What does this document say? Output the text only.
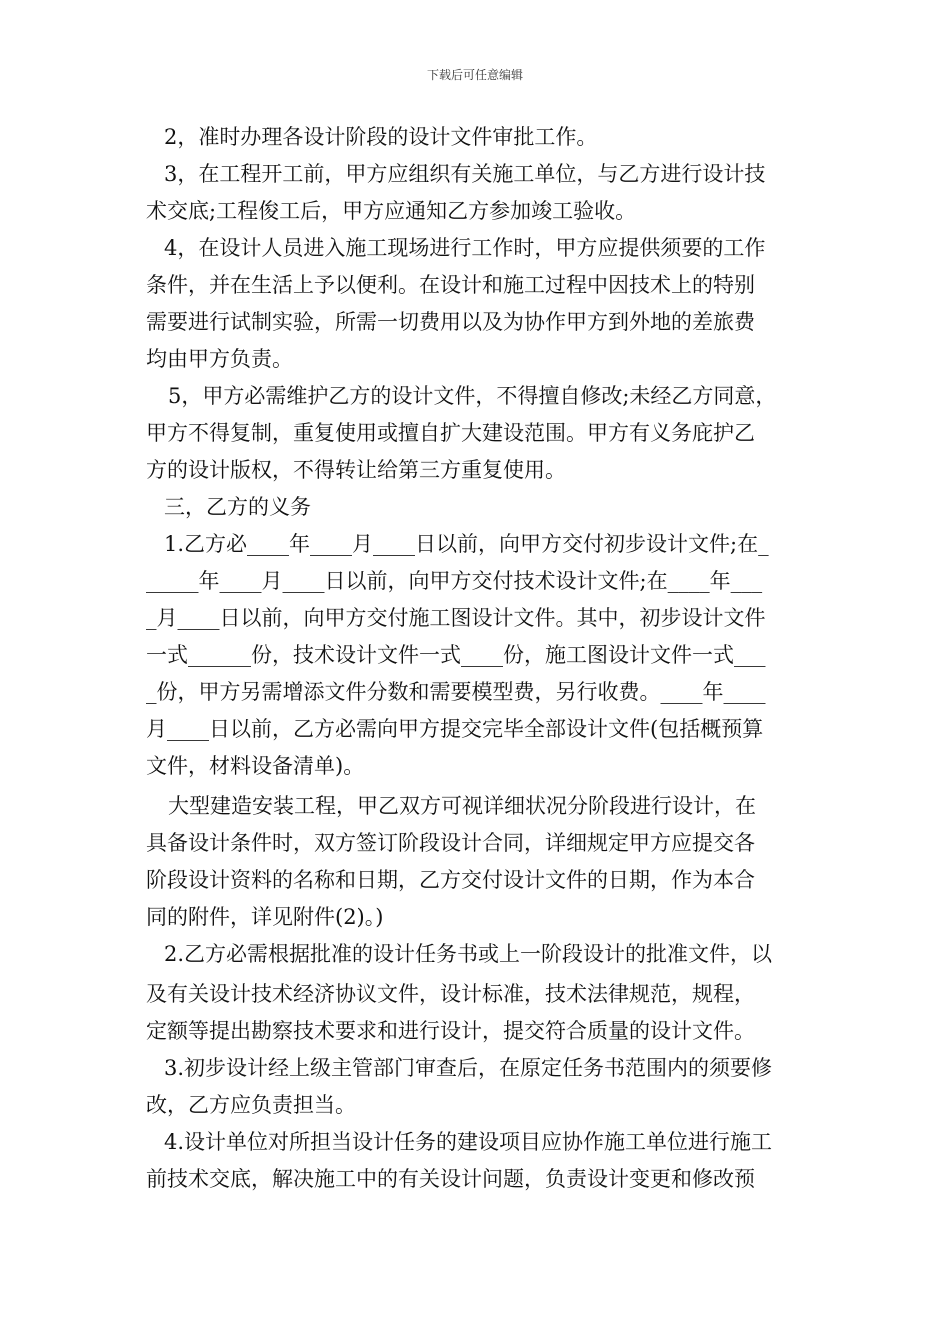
下载后可任意编辑
2，准时办理各设计阶段的设计文件审批工作。
3，在工程开工前，甲方应组织有关施工单位，与乙方进行设计技
术交底;工程俊工后，甲方应通知乙方参加竣工验收。
4，在设计人员进入施工现场进行工作时，甲方应提供须要的工作
条件，并在生活上予以便利。在设计和施工过程中因技术上的特别
需要进行试制实验，所需一切费用以及为协作甲方到外地的差旅费
均由甲方负责。
5，甲方必需维护乙方的设计文件，不得擅自修改;未经乙方同意，
甲方不得复制，重复使用或擅自扩大建设范围。甲方有义务庇护乙
方的设计版权，不得转让给第三方重复使用。
三，乙方的义务
1.乙方必____年____月____日以前，向甲方交付初步设计文件;在_
_____年____月____日以前，向甲方交付技术设计文件;在____年___
_月____日以前，向甲方交付施工图设计文件。其中，初步设计文件
一式______份，技术设计文件一式____份，施工图设计文件一式___
_份，甲方另需增添文件分数和需要模型费，另行收费。____年____
月____日以前，乙方必需向甲方提交完毕全部设计文件(包括概预算
文件，材料设备清单)。
大型建造安装工程，甲乙双方可视详细状况分阶段进行设计，在
具备设计条件时，双方签订阶段设计合同，详细规定甲方应提交各
阶段设计资料的名称和日期，乙方交付设计文件的日期，作为本合
同的附件，详见附件(2)。)
2.乙方必需根据批准的设计任务书或上一阶段设计的批准文件，以
及有关设计技术经济协议文件，设计标准，技术法律规范，规程，
定额等提出勘察技术要求和进行设计，提交符合质量的设计文件。
3.初步设计经上级主管部门审查后，在原定任务书范围内的须要修
改，乙方应负责担当。
4.设计单位对所担当设计任务的建设项目应协作施工单位进行施工
前技术交底，解决施工中的有关设计问题，负责设计变更和修改预
